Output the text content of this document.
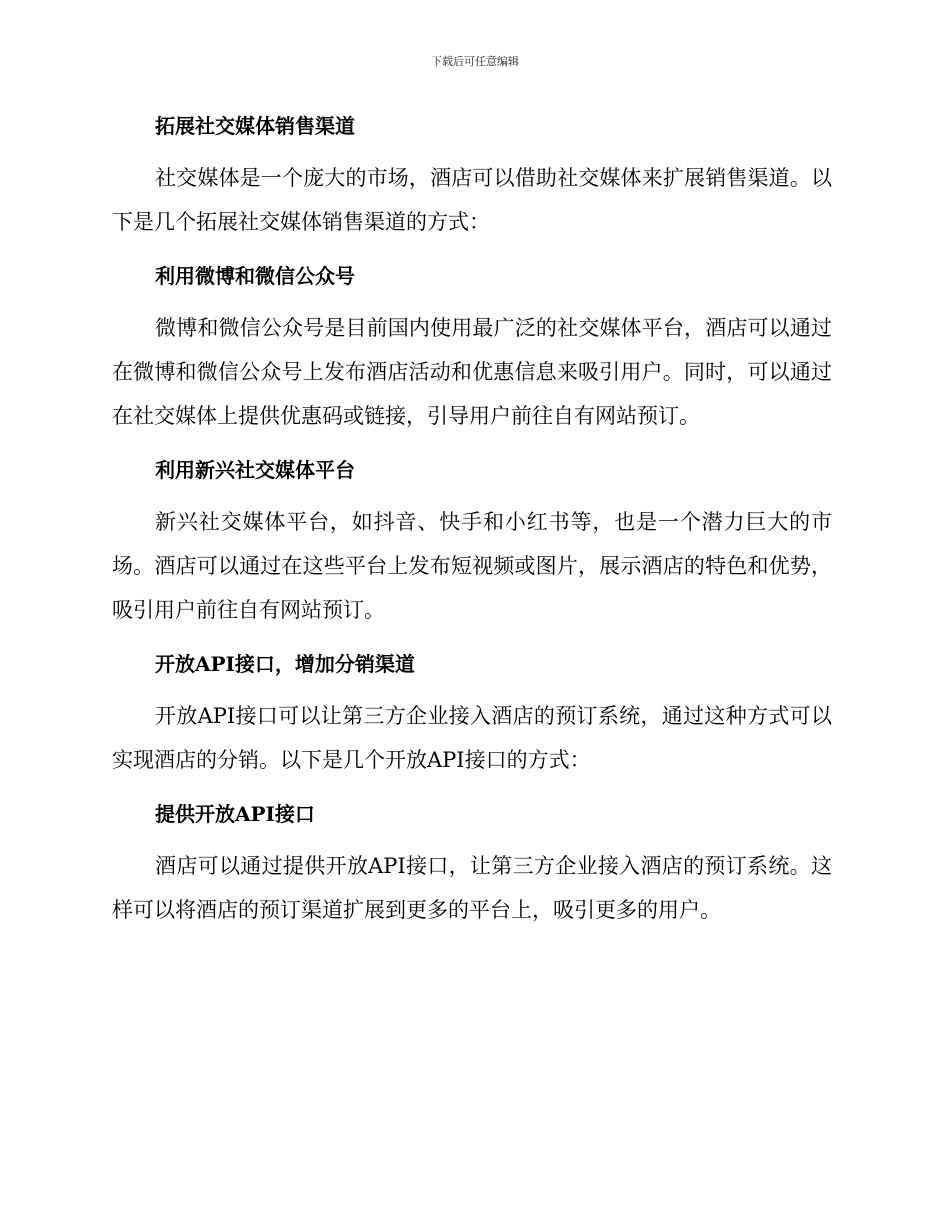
下载后可任意编辑
拓展社交媒体销售渠道

社交媒体是一个庞大的市场，酒店可以借助社交媒体来扩展销售渠道。以下是几个拓展社交媒体销售渠道的方式：

利用微博和微信公众号

微博和微信公众号是目前国内使用最广泛的社交媒体平台，酒店可以通过在微博和微信公众号上发布酒店活动和优惠信息来吸引用户。同时，可以通过在社交媒体上提供优惠码或链接，引导用户前往自有网站预订。

利用新兴社交媒体平台

新兴社交媒体平台，如抖音、快手和小红书等，也是一个潜力巨大的市场。酒店可以通过在这些平台上发布短视频或图片，展示酒店的特色和优势，吸引用户前往自有网站预订。

开放API接口，增加分销渠道

开放API接口可以让第三方企业接入酒店的预订系统，通过这种方式可以实现酒店的分销。以下是几个开放API接口的方式：

提供开放API接口

酒店可以通过提供开放API接口，让第三方企业接入酒店的预订系统。这样可以将酒店的预订渠道扩展到更多的平台上，吸引更多的用户。
